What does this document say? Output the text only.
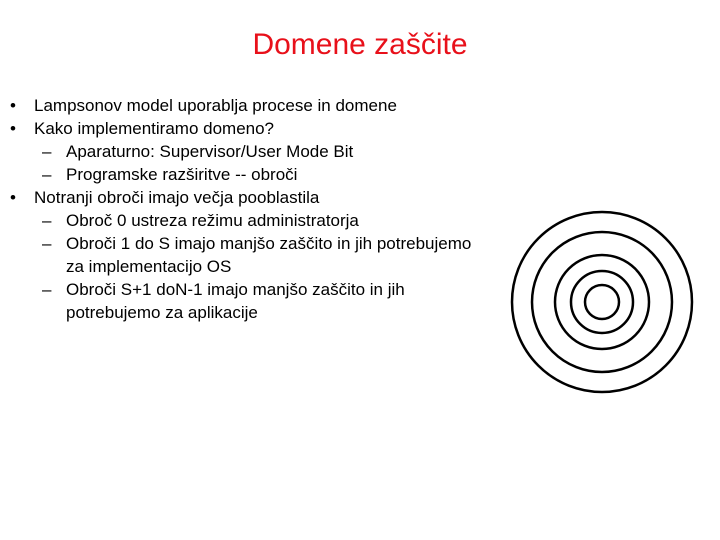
Domene zaščite
• Lampsonov model uporablja procese in domene
• Kako implementiramo domeno?
– Aparaturno: Supervisor/User Mode Bit
– Programske razširitve -- obroči
• Notranji obroči imajo večja pooblastila
– Obroč 0 ustreza režimu administratorja
– Obroči 1 do S imajo manjšo zaščito in jih potrebujemo za implementacijo OS
– Obroči S+1 doN-1 imajo manjšo zaščito in jih potrebujemo za aplikacije
